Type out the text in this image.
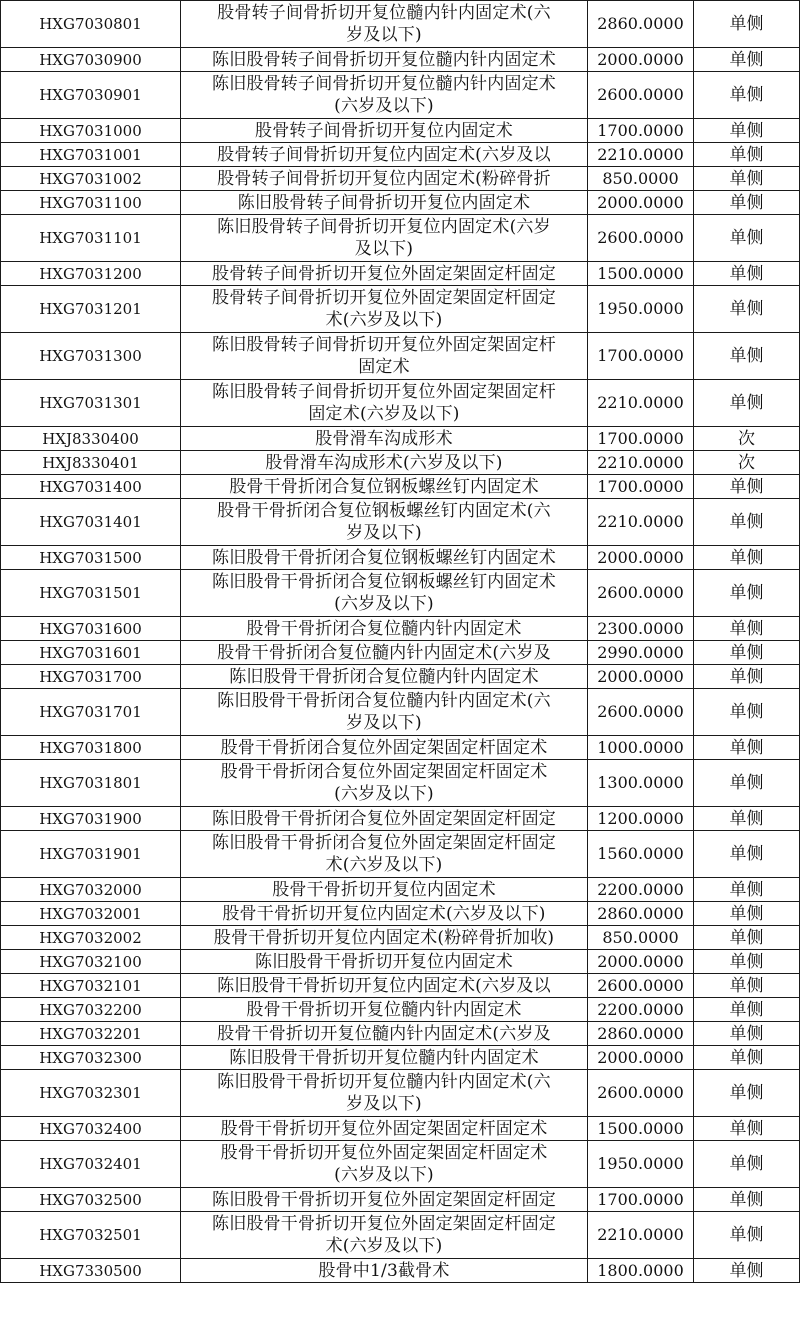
HXG7030801	股骨转子间骨折切开复位髓内针内固定术(六
岁及以下)	2860.0000	单侧
HXG7030900	陈旧股骨转子间骨折切开复位髓内针内固定术	2000.0000	单侧
HXG7030901	陈旧股骨转子间骨折切开复位髓内针内固定术
(六岁及以下)	2600.0000	单侧
HXG7031000	股骨转子间骨折切开复位内固定术	1700.0000	单侧
HXG7031001	股骨转子间骨折切开复位内固定术(六岁及以	2210.0000	单侧
HXG7031002	股骨转子间骨折切开复位内固定术(粉碎骨折	850.0000	单侧
HXG7031100	陈旧股骨转子间骨折切开复位内固定术	2000.0000	单侧
HXG7031101	陈旧股骨转子间骨折切开复位内固定术(六岁
及以下)	2600.0000	单侧
HXG7031200	股骨转子间骨折切开复位外固定架固定杆固定	1500.0000	单侧
HXG7031201	股骨转子间骨折切开复位外固定架固定杆固定
术(六岁及以下)	1950.0000	单侧
HXG7031300	陈旧股骨转子间骨折切开复位外固定架固定杆
固定术	1700.0000	单侧
HXG7031301	陈旧股骨转子间骨折切开复位外固定架固定杆
固定术(六岁及以下)	2210.0000	单侧
HXJ8330400	股骨滑车沟成形术	1700.0000	次
HXJ8330401	股骨滑车沟成形术(六岁及以下)	2210.0000	次
HXG7031400	股骨干骨折闭合复位钢板螺丝钉内固定术	1700.0000	单侧
HXG7031401	股骨干骨折闭合复位钢板螺丝钉内固定术(六
岁及以下)	2210.0000	单侧
HXG7031500	陈旧股骨干骨折闭合复位钢板螺丝钉内固定术	2000.0000	单侧
HXG7031501	陈旧股骨干骨折闭合复位钢板螺丝钉内固定术
(六岁及以下)	2600.0000	单侧
HXG7031600	股骨干骨折闭合复位髓内针内固定术	2300.0000	单侧
HXG7031601	股骨干骨折闭合复位髓内针内固定术(六岁及	2990.0000	单侧
HXG7031700	陈旧股骨干骨折闭合复位髓内针内固定术	2000.0000	单侧
HXG7031701	陈旧股骨干骨折闭合复位髓内针内固定术(六
岁及以下)	2600.0000	单侧
HXG7031800	股骨干骨折闭合复位外固定架固定杆固定术	1000.0000	单侧
HXG7031801	股骨干骨折闭合复位外固定架固定杆固定术
(六岁及以下)	1300.0000	单侧
HXG7031900	陈旧股骨干骨折闭合复位外固定架固定杆固定	1200.0000	单侧
HXG7031901	陈旧股骨干骨折闭合复位外固定架固定杆固定
术(六岁及以下)	1560.0000	单侧
HXG7032000	股骨干骨折切开复位内固定术	2200.0000	单侧
HXG7032001	股骨干骨折切开复位内固定术(六岁及以下)	2860.0000	单侧
HXG7032002	股骨干骨折切开复位内固定术(粉碎骨折加收)	850.0000	单侧
HXG7032100	陈旧股骨干骨折切开复位内固定术	2000.0000	单侧
HXG7032101	陈旧股骨干骨折切开复位内固定术(六岁及以	2600.0000	单侧
HXG7032200	股骨干骨折切开复位髓内针内固定术	2200.0000	单侧
HXG7032201	股骨干骨折切开复位髓内针内固定术(六岁及	2860.0000	单侧
HXG7032300	陈旧股骨干骨折切开复位髓内针内固定术	2000.0000	单侧
HXG7032301	陈旧股骨干骨折切开复位髓内针内固定术(六
岁及以下)	2600.0000	单侧
HXG7032400	股骨干骨折切开复位外固定架固定杆固定术	1500.0000	单侧
HXG7032401	股骨干骨折切开复位外固定架固定杆固定术
(六岁及以下)	1950.0000	单侧
HXG7032500	陈旧股骨干骨折切开复位外固定架固定杆固定	1700.0000	单侧
HXG7032501	陈旧股骨干骨折切开复位外固定架固定杆固定
术(六岁及以下)	2210.0000	单侧
HXG7330500	股骨中1/3截骨术	1800.0000	单侧
